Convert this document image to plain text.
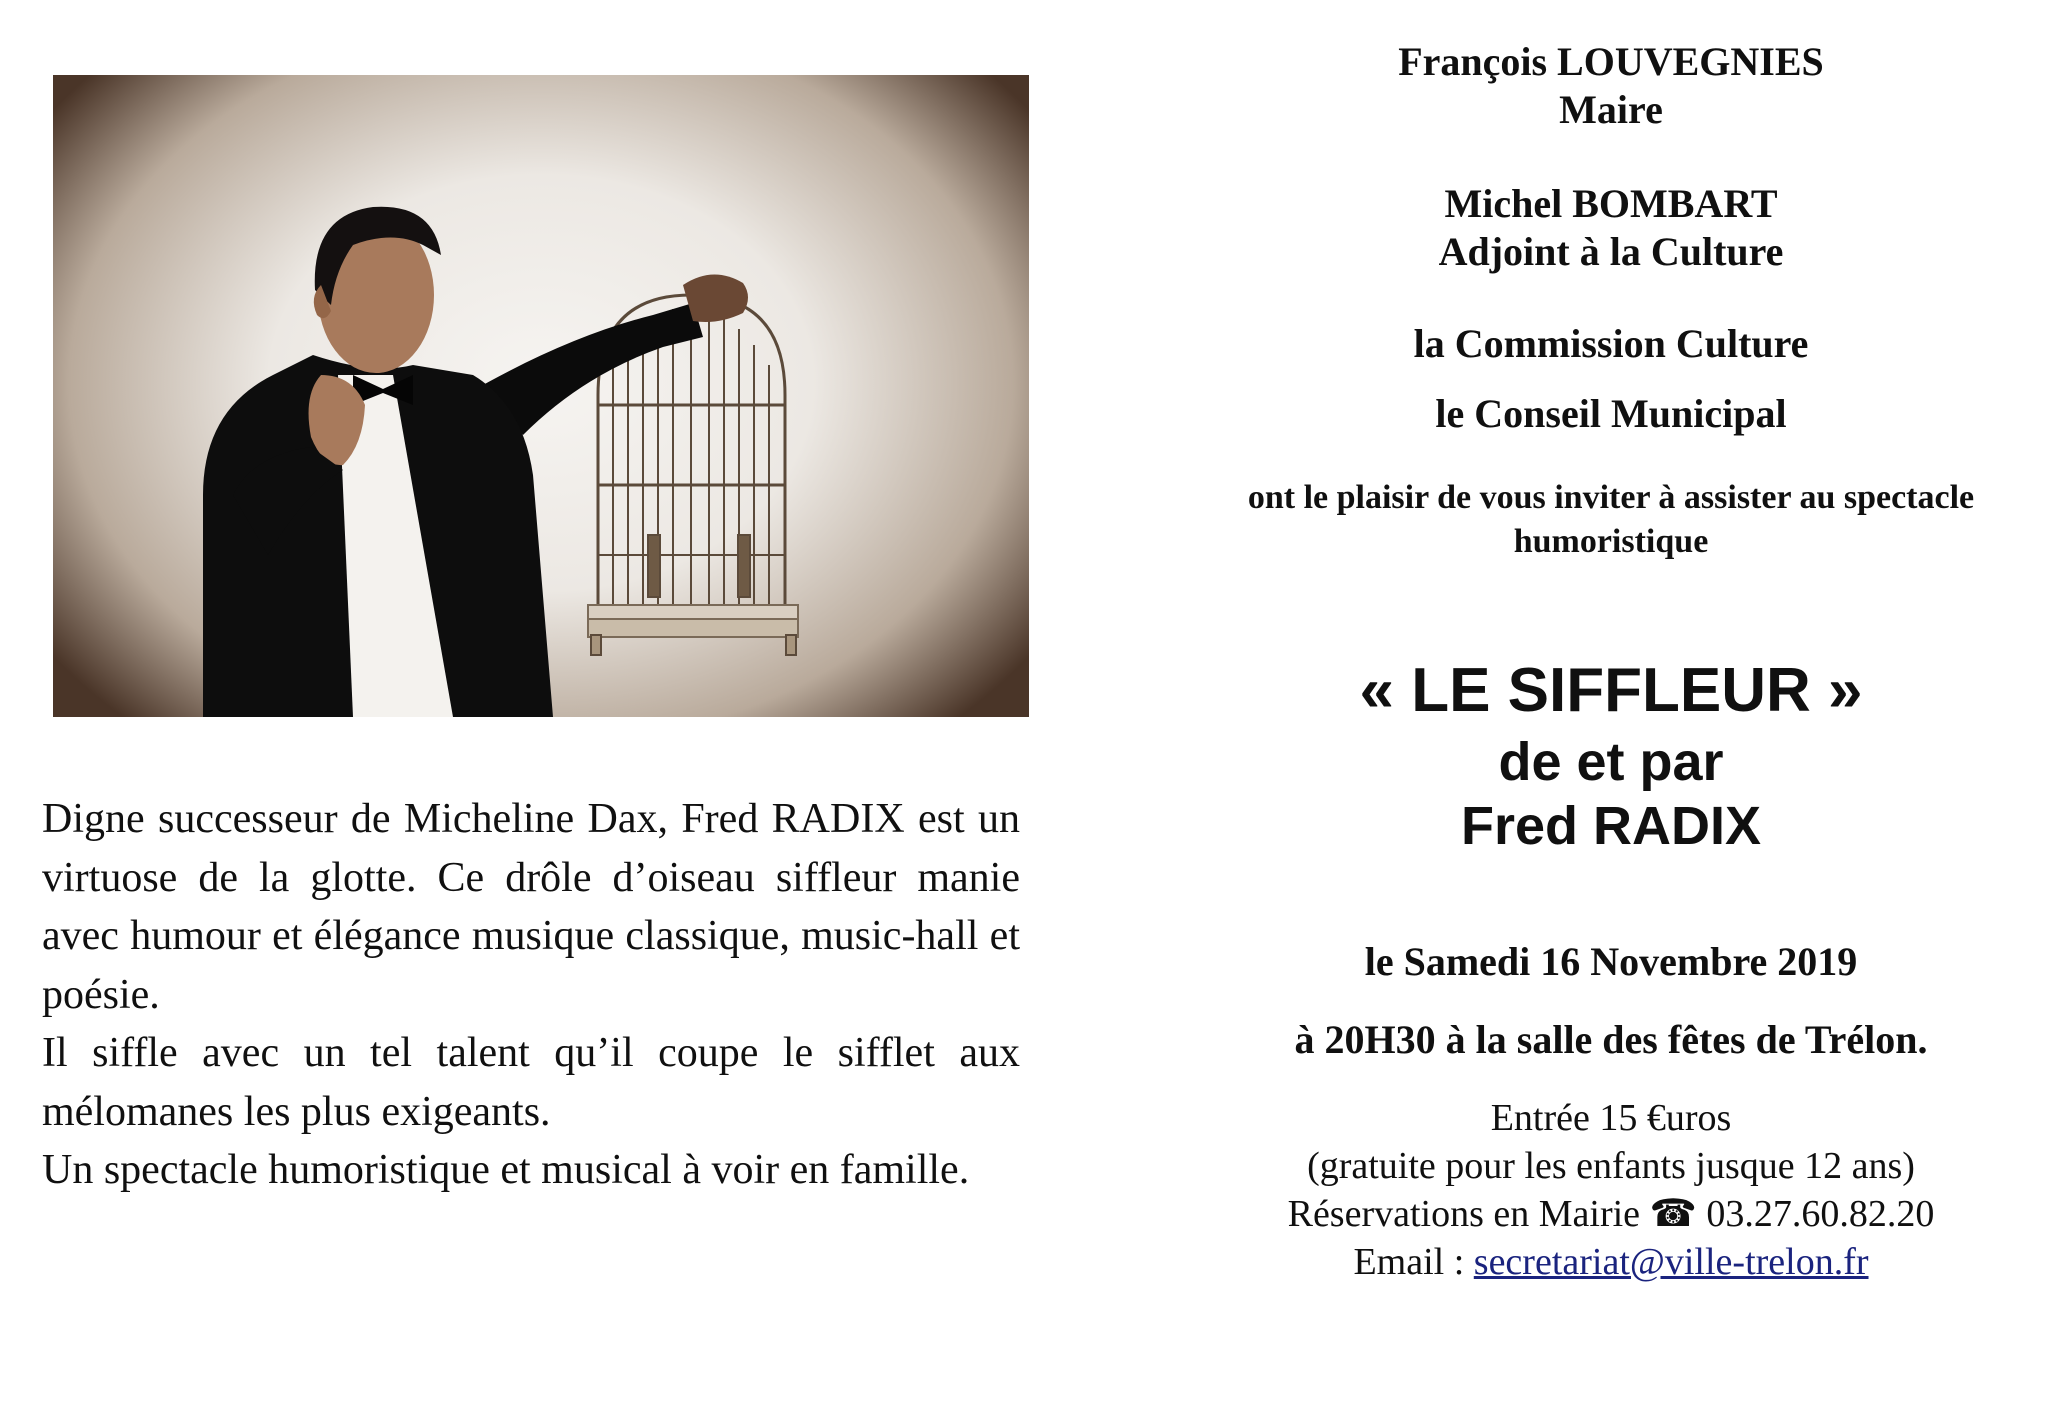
Digne successeur de Micheline Dax, Fred RADIX est un virtuose de la glotte. Ce drôle d’oiseau siffleur manie avec humour et élégance musique classique, music-hall et poésie.

Il siffle avec un tel talent qu’il coupe le sifflet aux mélomanes les plus exigeants.

Un spectacle humoristique et musical à voir en famille.

François LOUVEGNIES
Maire
Michel BOMBART
Adjoint à la Culture
la Commission Culture
le Conseil Municipal
ont le plaisir de vous inviter à assister au spectacle
humoristique
« LE SIFFLEUR »
de et par
Fred RADIX
le Samedi 16 Novembre 2019
à 20H30 à la salle des fêtes de Trélon.
Entrée 15 €uros
(gratuite pour les enfants jusque 12 ans)
Réservations en Mairie ☎ 03.27.60.82.20
Email : secretariat@ville-trelon.fr
